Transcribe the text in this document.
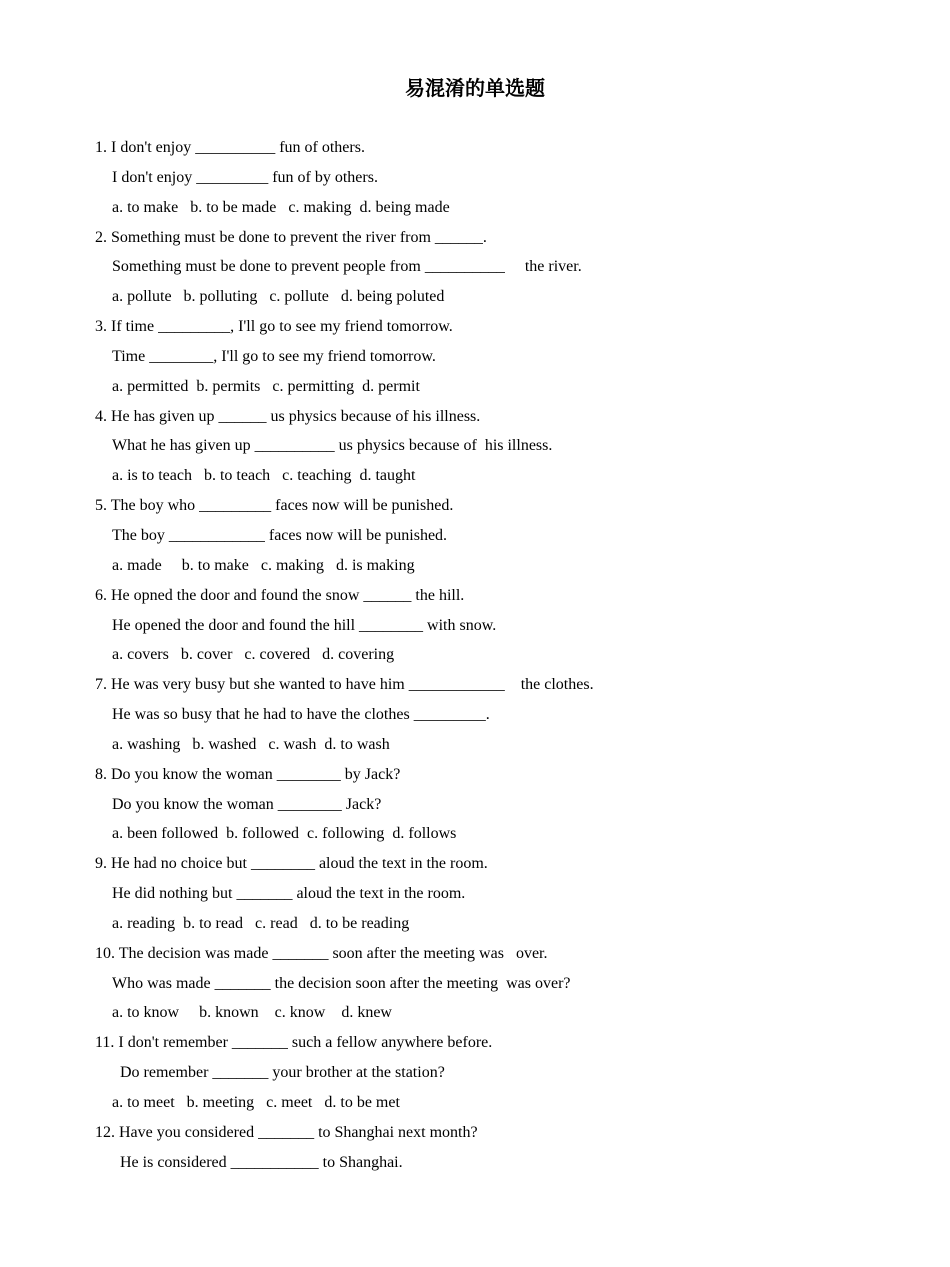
易混淆的单选题
1. I don't enjoy __________ fun of others.
I don't enjoy _________ fun of by others.
a. to make   b. to be made   c. making  d. being made
2. Something must be done to prevent the river from ______.
Something must be done to prevent people from __________     the river.
a. pollute   b. polluting   c. pollute   d. being poluted
3. If time _________, I'll go to see my friend tomorrow.
Time ________, I'll go to see my friend tomorrow.
a. permitted  b. permits   c. permitting  d. permit
4. He has given up ______ us physics because of his illness.
What he has given up __________ us physics because of  his illness.
a. is to teach   b. to teach   c. teaching  d. taught
5. The boy who _________ faces now will be punished.
The boy ____________ faces now will be punished.
a. made     b. to make   c. making   d. is making
6. He opned the door and found the snow ______ the hill.
He opened the door and found the hill ________ with snow.
a. covers   b. cover   c. covered   d. covering
7. He was very busy but she wanted to have him ____________    the clothes.
He was so busy that he had to have the clothes _________.
a. washing   b. washed   c. wash  d. to wash
8. Do you know the woman ________ by Jack?
Do you know the woman ________ Jack?
a. been followed  b. followed  c. following  d. follows
9. He had no choice but ________ aloud the text in the room.
He did nothing but _______ aloud the text in the room.
a. reading  b. to read   c. read   d. to be reading
10. The decision was made _______ soon after the meeting was   over.
Who was made _______ the decision soon after the meeting  was over?
a. to know     b. known    c. know    d. knew
11. I don't remember _______ such a fellow anywhere before.
Do remember _______ your brother at the station?
a. to meet   b. meeting   c. meet   d. to be met
12. Have you considered _______ to Shanghai next month?
He is considered ___________ to Shanghai.
